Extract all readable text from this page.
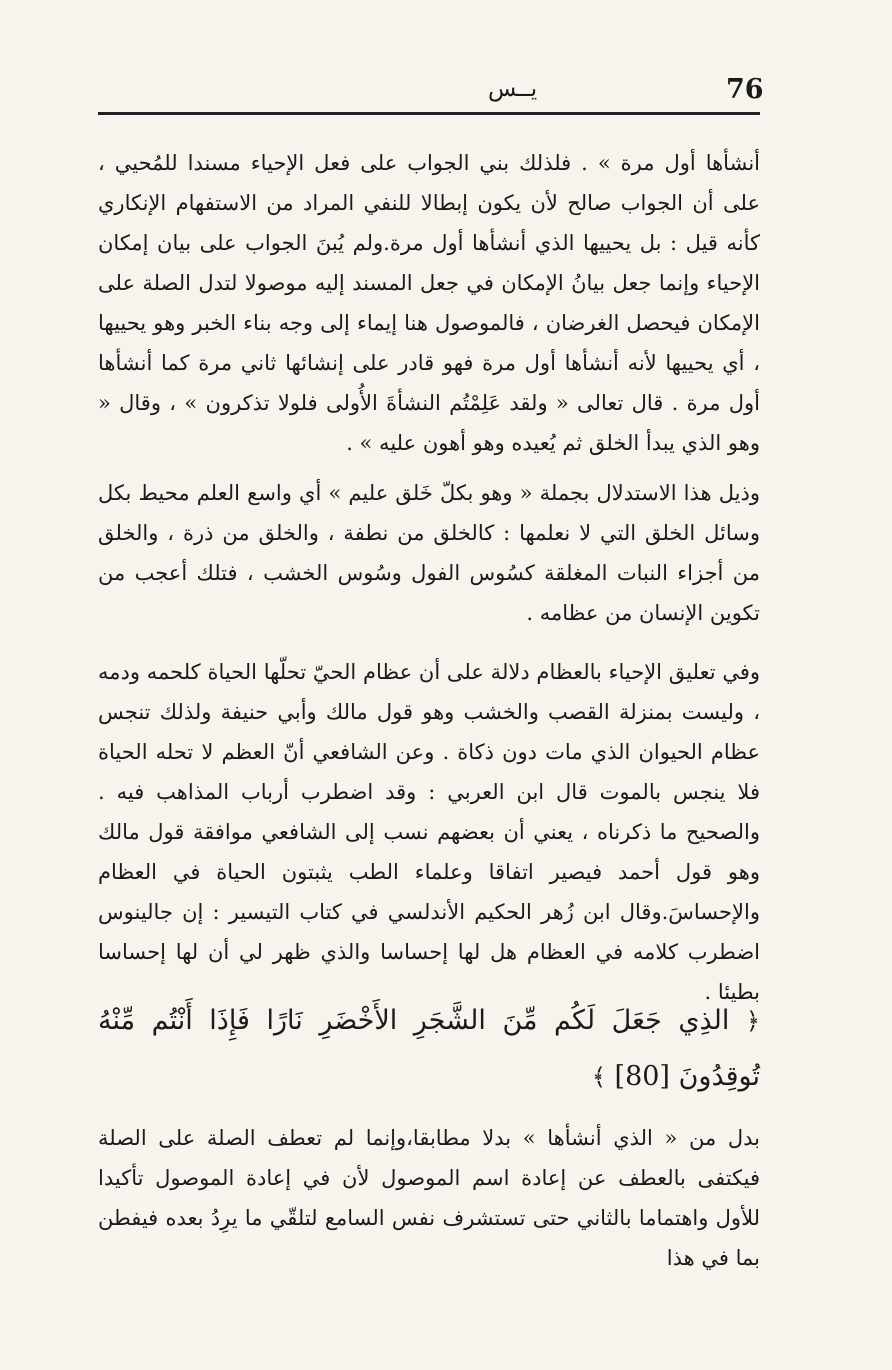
76
يــس

أنشأها أول مرة » . فلذلك بني الجواب على فعل الإحياء مسندا للمُحيي ، على أن الجواب صالح لأن يكون إبطالا للنفي المراد من الاستفهام الإنكاري كأنه قيل : بل يحييها الذي أنشأها أول مرة.ولم يُبنَ الجواب على بيان إمكان الإحياء وإنما جعل بيانُ الإمكان في جعل المسند إليه موصولا لتدل الصلة على الإمكان فيحصل الغرضان ، فالموصول هنا إيماء إلى وجه بناء الخبر وهو يحييها ، أي يحييها لأنه أنشأها أول مرة فهو قادر على إنشائها ثاني مرة كما أنشأها أول مرة . قال تعالى « ولقد عَلِمْتُم النشأةَ الأُولى فلولا تذكرون » ، وقال « وهو الذي يبدأ الخلق ثم يُعيده وهو أهون عليه » .

وذيل هذا الاستدلال بجملة « وهو بكلّ خَلق عليم » أي واسع العلم محيط بكل وسائل الخلق التي لا نعلمها : كالخلق من نطفة ، والخلق من ذرة ، والخلق من أجزاء النبات المغلقة كسُوس الفول وسُوس الخشب ، فتلك أعجب من تكوين الإنسان من عظامه .

وفي تعليق الإحياء بالعظام دلالة على أن عظام الحيّ تحلّها الحياة كلحمه ودمه ، وليست بمنزلة القصب والخشب وهو قول مالك وأبي حنيفة ولذلك تنجس عظام الحيوان الذي مات دون ذكاة . وعن الشافعي أنّ العظم لا تحله الحياة فلا ينجس بالموت قال ابن العربي : وقد اضطرب أرباب المذاهب فيه . والصحيح ما ذكرناه ، يعني أن بعضهم نسب إلى الشافعي موافقة قول مالك وهو قول أحمد فيصير اتفاقا وعلماء الطب يثبتون الحياة في العظام والإحساسَ.وقال ابن زُهر الحكيم الأندلسي في كتاب التيسير : إن جالينوس اضطرب كلامه في العظام هل لها إحساسا والذي ظهر لي أن لها إحساسا بطيئا .

﴿ الذِي جَعَلَ لَكُم مِّنَ الشَّجَرِ الأَخْضَرِ نَارًا فَإِذَا أَنْتُم مِّنْهُ تُوقِدُونَ [80] ﴾

بدل من « الذي أنشأها » بدلا مطابقا،وإنما لم تعطف الصلة على الصلة فيكتفى بالعطف عن إعادة اسم الموصول لأن في إعادة الموصول تأكيدا للأول واهتماما بالثاني حتى تستشرف نفس السامع لتلقّي ما يرِدُ بعده فيفطن بما في هذا
